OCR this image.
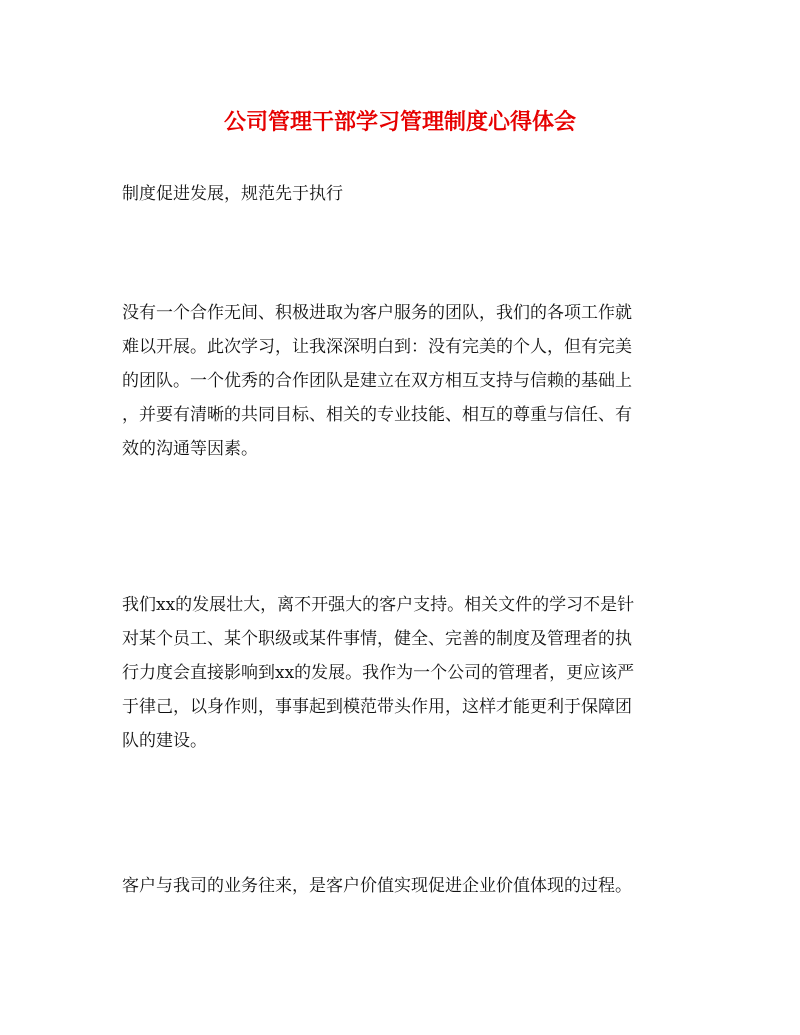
公司管理干部学习管理制度心得体会

制度促进发展，规范先于执行

没有一个合作无间、积极进取为客户服务的团队，我们的各项工作就
难以开展。此次学习，让我深深明白到：没有完美的个人，但有完美
的团队。一个优秀的合作团队是建立在双方相互支持与信赖的基础上
，并要有清晰的共同目标、相关的专业技能、相互的尊重与信任、有
效的沟通等因素。

我们xx的发展壮大，离不开强大的客户支持。相关文件的学习不是针
对某个员工、某个职级或某件事情，健全、完善的制度及管理者的执
行力度会直接影响到xx的发展。我作为一个公司的管理者，更应该严
于律己，以身作则，事事起到模范带头作用，这样才能更利于保障团
队的建设。

客户与我司的业务往来，是客户价值实现促进企业价值体现的过程。
